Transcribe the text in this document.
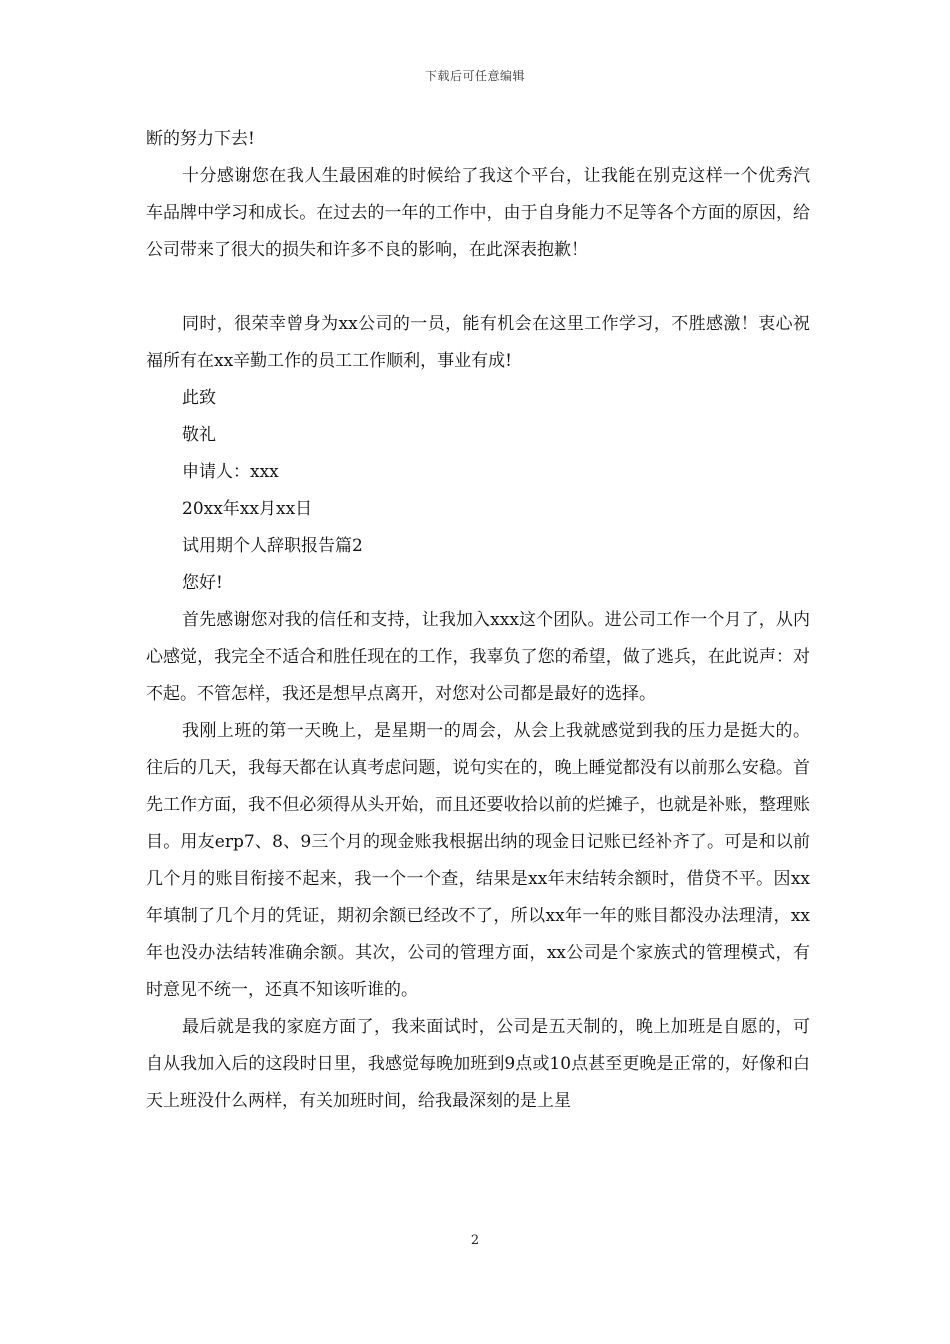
下载后可任意编辑

断的努力下去!

十分感谢您在我人生最困难的时候给了我这个平台，让我能在别克这样一个优秀汽车品牌中学习和成长。在过去的一年的工作中，由于自身能力不足等各个方面的原因，给公司带来了很大的损失和许多不良的影响，在此深表抱歉！

同时，很荣幸曾身为xx公司的一员，能有机会在这里工作学习，不胜感激！衷心祝福所有在xx辛勤工作的员工工作顺利，事业有成!

此致

敬礼

申请人：xxx

20xx年xx月xx日

试用期个人辞职报告篇2

您好!

首先感谢您对我的信任和支持，让我加入xxx这个团队。进公司工作一个月了，从内心感觉，我完全不适合和胜任现在的工作，我辜负了您的希望，做了逃兵，在此说声：对不起。不管怎样，我还是想早点离开，对您对公司都是最好的选择。

我刚上班的第一天晚上，是星期一的周会，从会上我就感觉到我的压力是挺大的。往后的几天，我每天都在认真考虑问题，说句实在的，晚上睡觉都没有以前那么安稳。首先工作方面，我不但必须得从头开始，而且还要收拾以前的烂摊子，也就是补账，整理账目。用友erp7、8、9三个月的现金账我根据出纳的现金日记账已经补齐了。可是和以前几个月的账目衔接不起来，我一个一个查，结果是xx年末结转余额时，借贷不平。因xx年填制了几个月的凭证，期初余额已经改不了，所以xx年一年的账目都没办法理清，xx年也没办法结转准确余额。其次，公司的管理方面，xx公司是个家族式的管理模式，有时意见不统一，还真不知该听谁的。

最后就是我的家庭方面了，我来面试时，公司是五天制的，晚上加班是自愿的，可自从我加入后的这段时日里，我感觉每晚加班到9点或10点甚至更晚是正常的，好像和白天上班没什么两样，有关加班时间，给我最深刻的是上星

2
